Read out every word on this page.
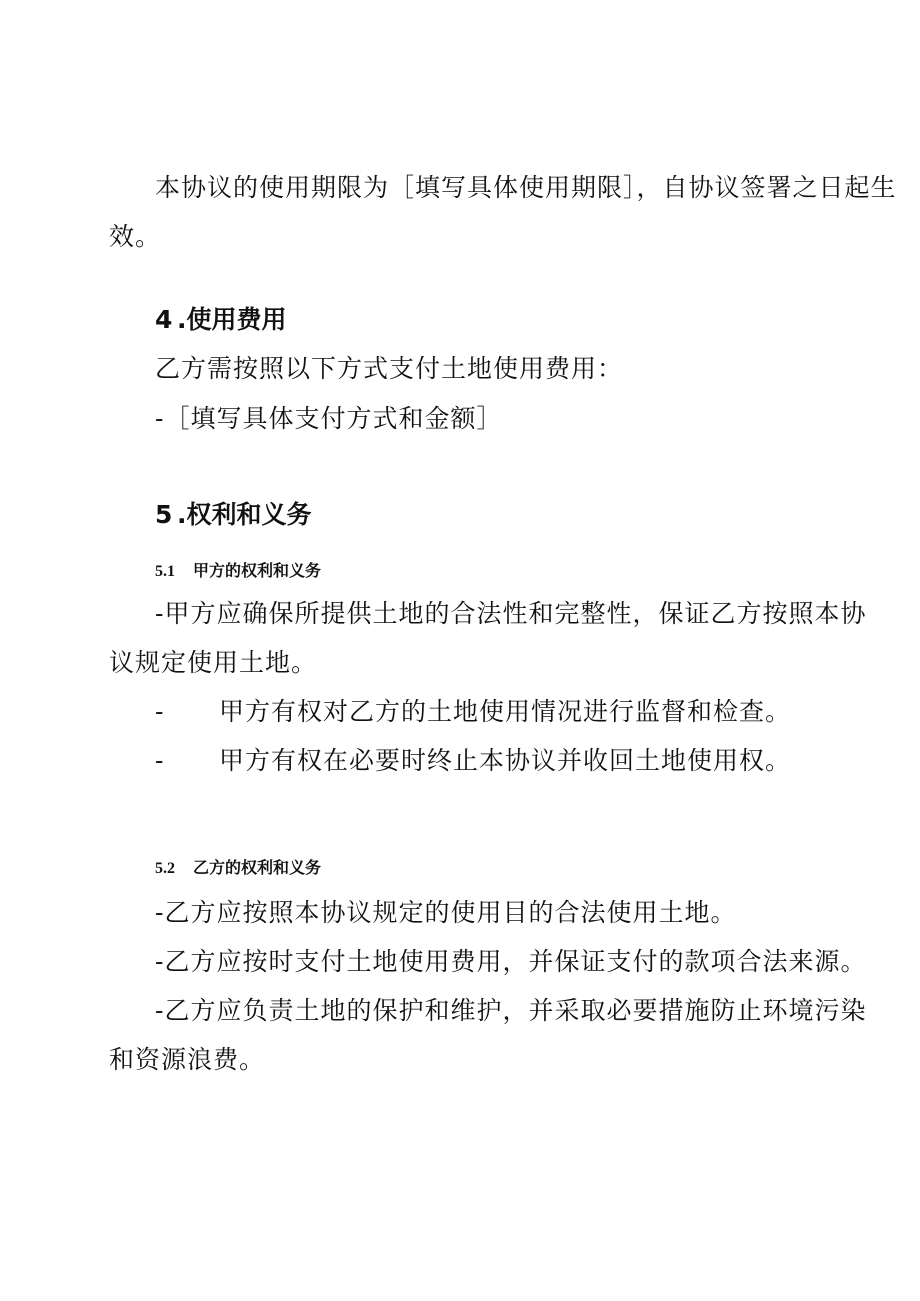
本协议的使用期限为［填写具体使用期限］，自协议签署之日起生
效。
4 .使用费用
乙方需按照以下方式支付土地使用费用：
-［填写具体支付方式和金额］
5 .权利和义务
5.1 甲方的权利和义务
-甲方应确保所提供土地的合法性和完整性，保证乙方按照本协
议规定使用土地。
- 甲方有权对乙方的土地使用情况进行监督和检查。
- 甲方有权在必要时终止本协议并收回土地使用权。
5.2 乙方的权利和义务
-乙方应按照本协议规定的使用目的合法使用土地。
-乙方应按时支付土地使用费用，并保证支付的款项合法来源。
-乙方应负责土地的保护和维护，并采取必要措施防止环境污染
和资源浪费。
